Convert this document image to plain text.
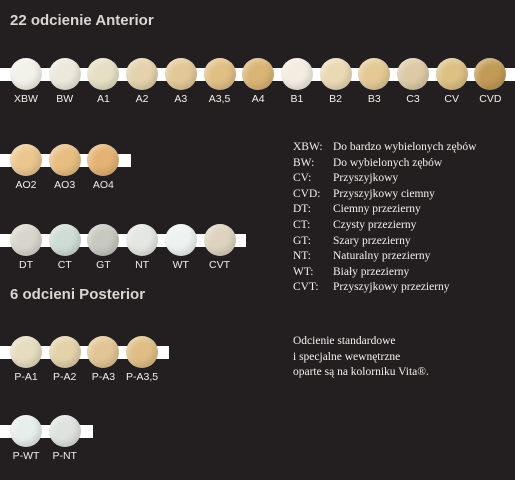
22 odcienie Anterior
6 odcieni Posterior
XBW	BW	A1	A2	A3	A3,5	A4	B1	B2	B3	C3	CV	CVD
AO2	AO3	AO4
DT	CT	GT	NT	WT	CVT
P-A1	P-A2	P-A3	P-A3,5
P-WT	P-NT
XBW: Do bardzo wybielonych zębów
BW: Do wybielonych zębów
CV: Przyszyjkowy
CVD: Przyszyjkowy ciemny
DT: Ciemny przezierny
CT: Czysty przezierny
GT: Szary przezierny
NT: Naturalny przezierny
WT: Biały przezierny
CVT: Przyszyjkowy przezierny
Odcienie standardowe
i specjalne wewnętrzne
oparte są na kolorniku Vita®.
